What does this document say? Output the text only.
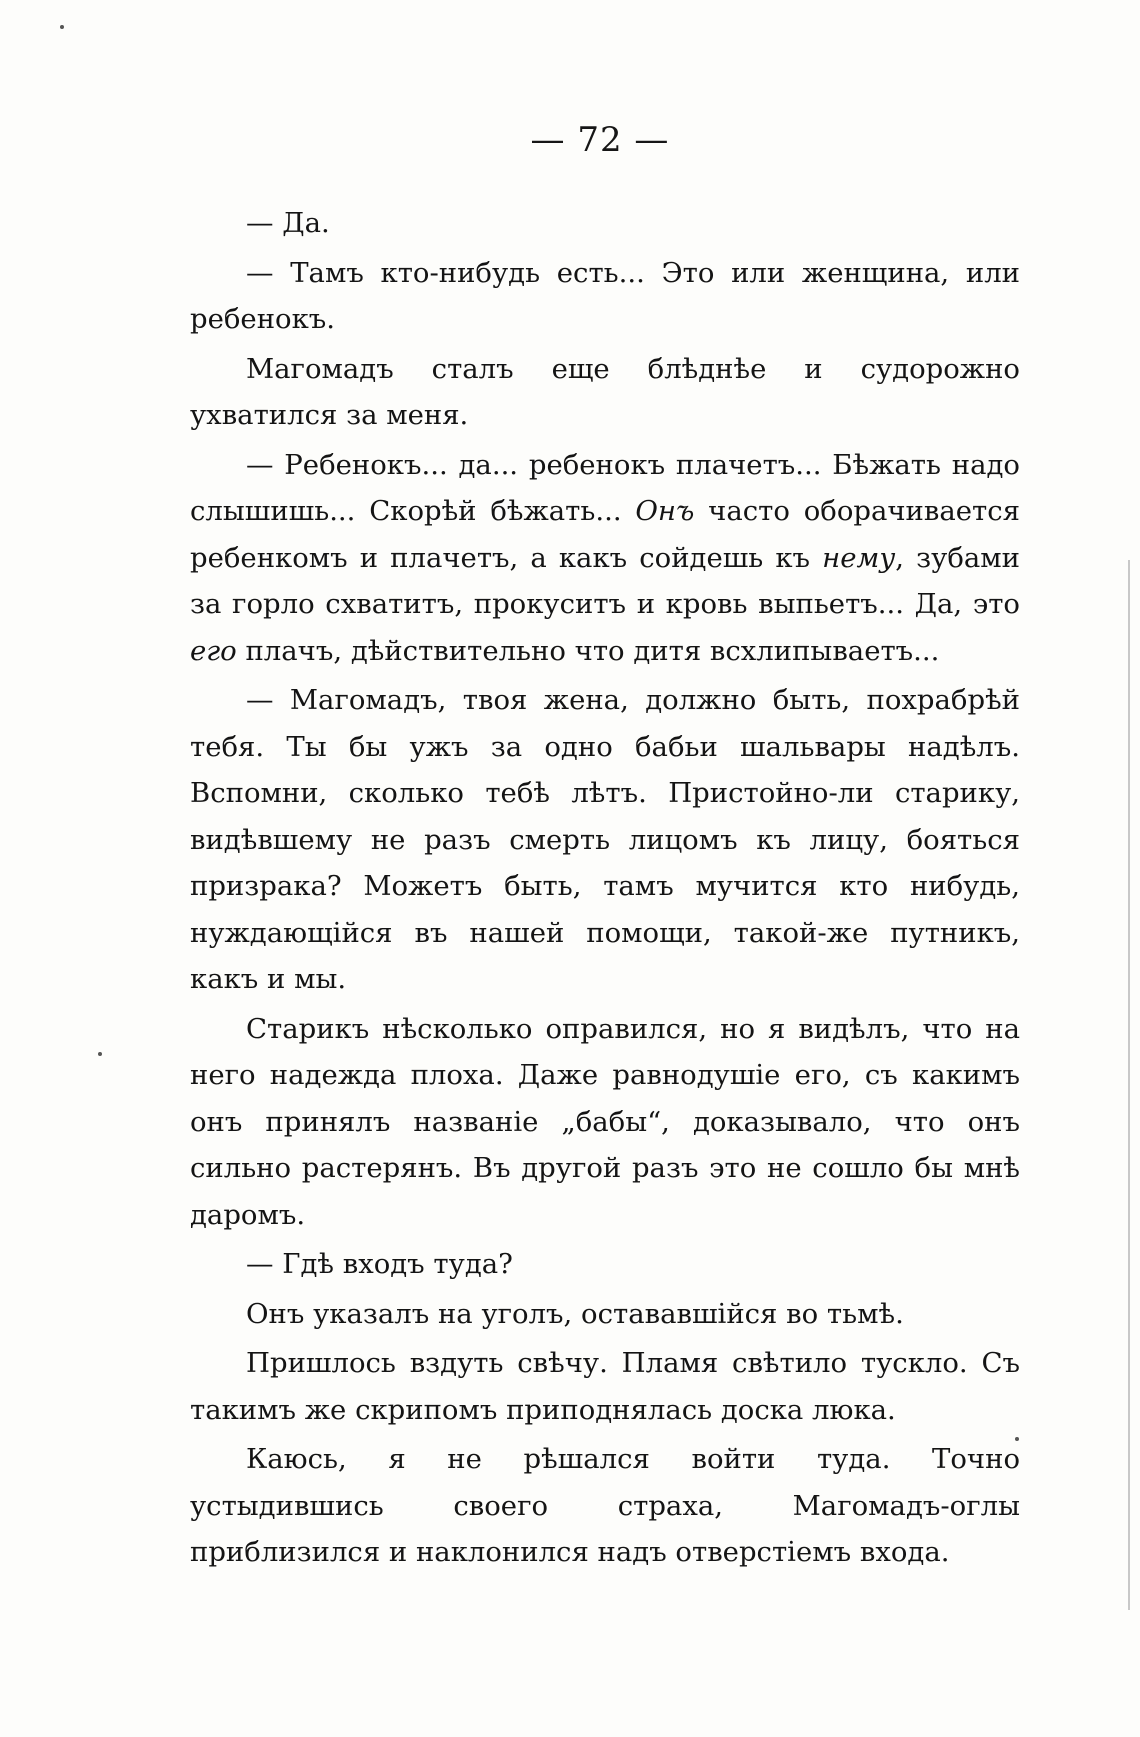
— 72 —

— Да.

— Тамъ кто-нибудь есть... Это или женщина, или ребенокъ.

Магомадъ сталъ еще блѣднѣе и судорожно ухватился за меня.

— Ребенокъ... да... ребенокъ плачетъ... Бѣжать надо слышишь... Скорѣй бѣжать... Онъ часто оборачивается ребенкомъ и плачетъ, а какъ сойдешь къ нему, зубами за горло схватитъ, прокуситъ и кровь выпьетъ... Да, это его плачъ, дѣйствительно что дитя всхлипываетъ...

— Магомадъ, твоя жена, должно быть, похрабрѣй тебя. Ты бы ужъ за одно бабьи шальвары надѣлъ. Вспомни, сколько тебѣ лѣтъ. Пристойно-ли старику, видѣвшему не разъ смерть лицомъ къ лицу, бояться призрака? Можетъ быть, тамъ мучится кто нибудь, нуждающійся въ нашей помощи, такой-же путникъ, какъ и мы.

Старикъ нѣсколько оправился, но я видѣлъ, что на него надежда плоха. Даже равнодушіе его, съ какимъ онъ принялъ названіе „бабы“, доказывало, что онъ сильно растерянъ. Въ другой разъ это не сошло бы мнѣ даромъ.

— Гдѣ входъ туда?

Онъ указалъ на уголъ, остававшійся во тьмѣ.

Пришлось вздуть свѣчу. Пламя свѣтило тускло. Съ такимъ же скрипомъ приподнялась доска люка.

Каюсь, я не рѣшался войти туда. Точно устыдившись своего страха, Магомадъ-оглы приблизился и наклонился надъ отверстіемъ входа.
